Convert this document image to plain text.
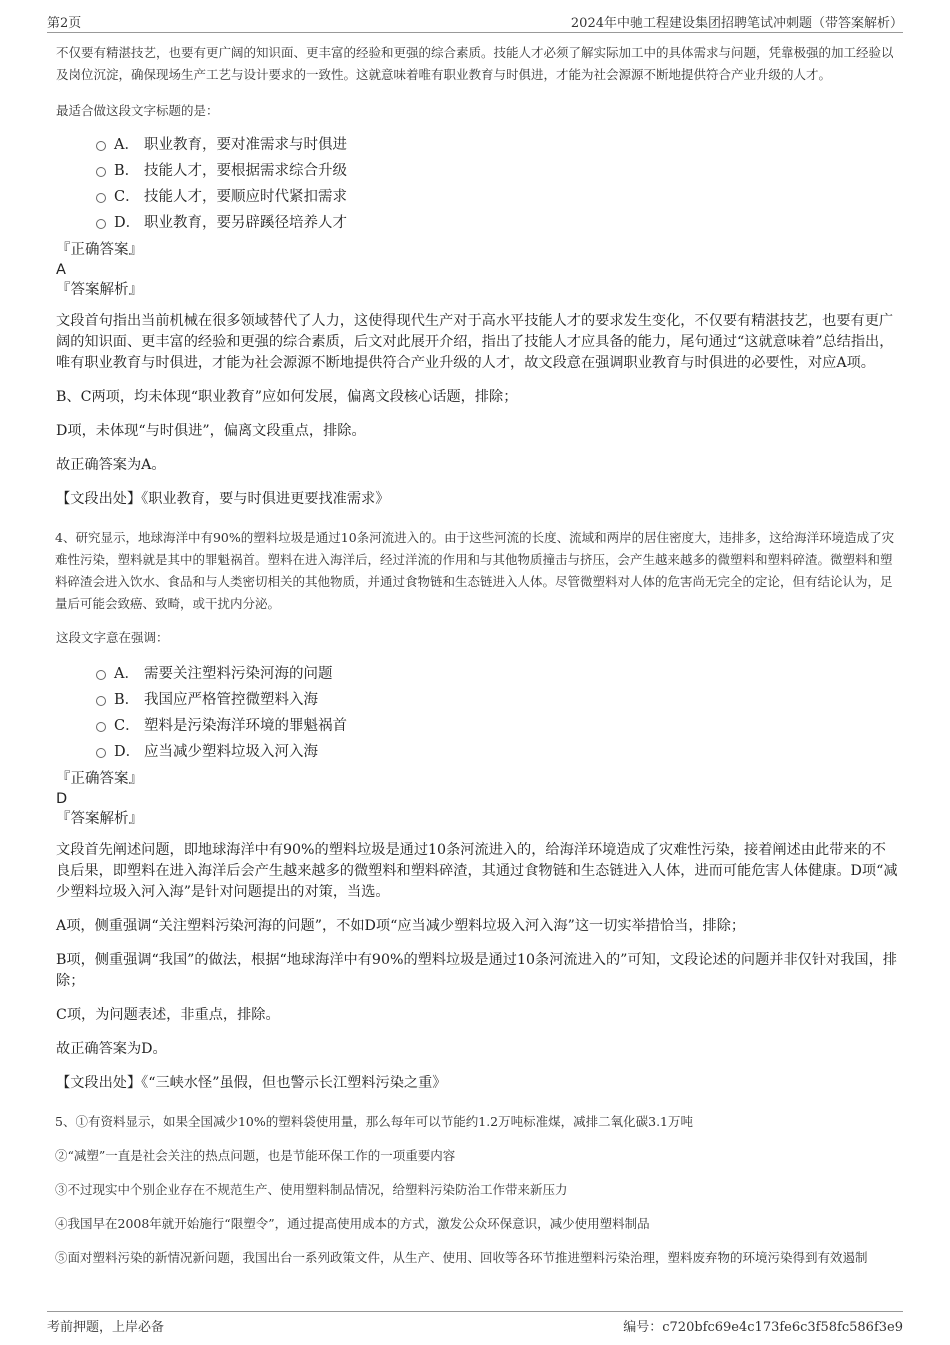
第2页	2024年中驰工程建设集团招聘笔试冲刺题（带答案解析）

不仅要有精湛技艺，也要有更广阔的知识面、更丰富的经验和更强的综合素质。技能人才必须了解实际加工中的具体需求与问题，凭靠极强的加工经验以及岗位沉淀，确保现场生产工艺与设计要求的一致性。这就意味着唯有职业教育与时俱进，才能为社会源源不断地提供符合产业升级的人才。

最适合做这段文字标题的是：

A． 职业教育，要对准需求与时俱进
B． 技能人才，要根据需求综合升级
C． 技能人才，要顺应时代紧扣需求
D． 职业教育，要另辟蹊径培养人才

『正确答案』

A

『答案解析』

文段首句指出当前机械在很多领域替代了人力，这使得现代生产对于高水平技能人才的要求发生变化，不仅要有精湛技艺，也要有更广阔的知识面、更丰富的经验和更强的综合素质，后文对此展开介绍，指出了技能人才应具备的能力，尾句通过“这就意味着”总结指出，唯有职业教育与时俱进，才能为社会源源不断地提供符合产业升级的人才，故文段意在强调职业教育与时俱进的必要性，对应A项。

B、C两项，均未体现“职业教育”应如何发展，偏离文段核心话题，排除；

D项，未体现“与时俱进”，偏离文段重点，排除。

故正确答案为A。

【文段出处】《职业教育，要与时俱进更要找准需求》

4、研究显示，地球海洋中有90%的塑料垃圾是通过10条河流进入的。由于这些河流的长度、流域和两岸的居住密度大，违排多，这给海洋环境造成了灾难性污染，塑料就是其中的罪魁祸首。塑料在进入海洋后，经过洋流的作用和与其他物质撞击与挤压，会产生越来越多的微塑料和塑料碎渣。微塑料和塑料碎渣会进入饮水、食品和与人类密切相关的其他物质，并通过食物链和生态链进入人体。尽管微塑料对人体的危害尚无完全的定论，但有结论认为，足量后可能会致癌、致畸，或干扰内分泌。

这段文字意在强调：

A． 需要关注塑料污染河海的问题
B． 我国应严格管控微塑料入海
C． 塑料是污染海洋环境的罪魁祸首
D． 应当减少塑料垃圾入河入海

『正确答案』

D

『答案解析』

文段首先阐述问题，即地球海洋中有90%的塑料垃圾是通过10条河流进入的，给海洋环境造成了灾难性污染，接着阐述由此带来的不良后果，即塑料在进入海洋后会产生越来越多的微塑料和塑料碎渣，其通过食物链和生态链进入人体，进而可能危害人体健康。D项“减少塑料垃圾入河入海”是针对问题提出的对策，当选。

A项，侧重强调“关注塑料污染河海的问题”，不如D项“应当减少塑料垃圾入河入海”这一切实举措恰当，排除；

B项，侧重强调“我国”的做法，根据“地球海洋中有90%的塑料垃圾是通过10条河流进入的”可知，文段论述的问题并非仅针对我国，排除；

C项，为问题表述，非重点，排除。

故正确答案为D。

【文段出处】《“三峡水怪”虽假，但也警示长江塑料污染之重》

5、①有资料显示，如果全国减少10%的塑料袋使用量，那么每年可以节能约1.2万吨标准煤，减排二氧化碳3.1万吨

②“减塑”一直是社会关注的热点问题，也是节能环保工作的一项重要内容

③不过现实中个别企业存在不规范生产、使用塑料制品情况，给塑料污染防治工作带来新压力

④我国早在2008年就开始施行“限塑令”，通过提高使用成本的方式，激发公众环保意识，减少使用塑料制品

⑤面对塑料污染的新情况新问题，我国出台一系列政策文件，从生产、使用、回收等各环节推进塑料污染治理，塑料废弃物的环境污染得到有效遏制

考前押题，上岸必备	编号：c720bfc69e4c173fe6c3f58fc586f3e9
